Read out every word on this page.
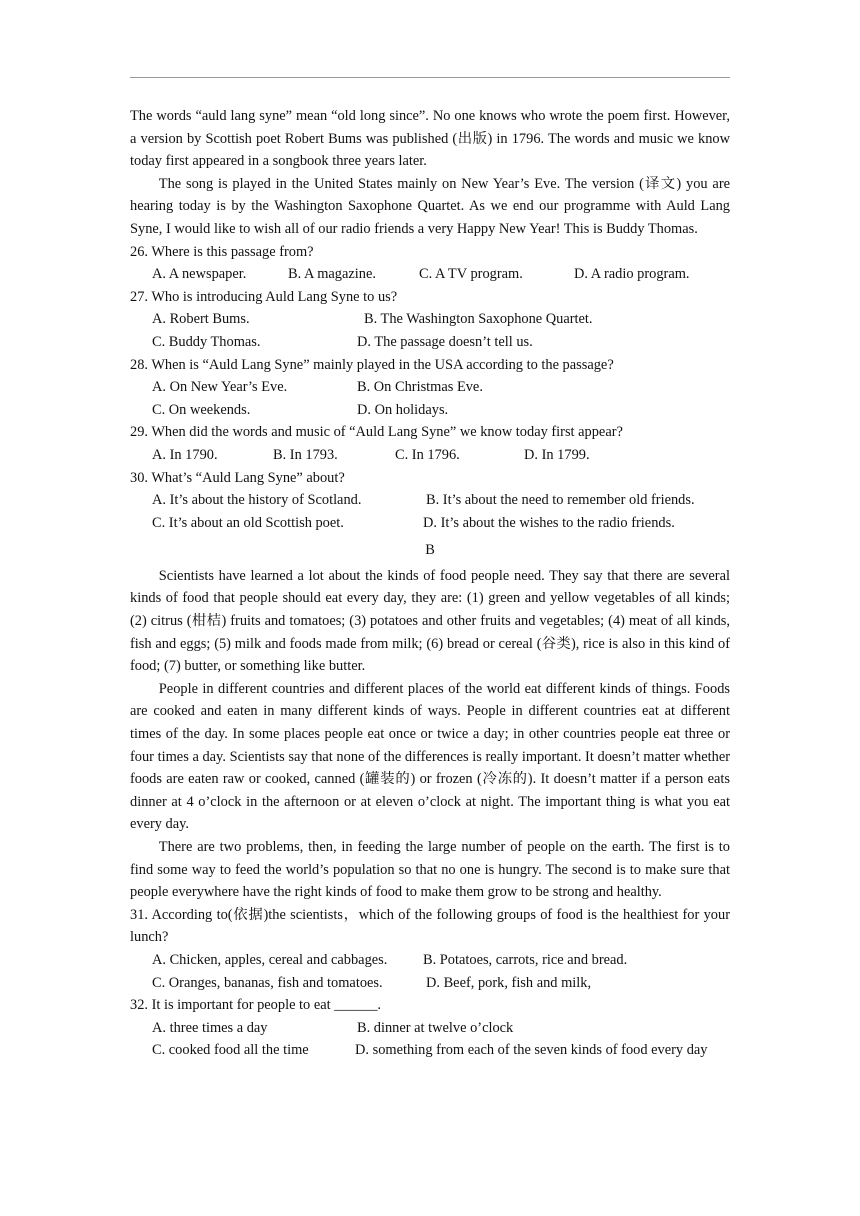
The words “auld lang syne” mean “old long since”. No one knows who wrote the poem first. However, a version by Scottish poet Robert Bums was published (出版) in 1796. The words and music we know today first appeared in a songbook three years later.

The song is played in the United States mainly on New Year’s Eve. The version (译文) you are hearing today is by the Washington Saxophone Quartet. As we end our programme with Auld Lang Syne, I would like to wish all of our radio friends a very Happy New Year! This is Buddy Thomas.

26. Where is this passage from?

A. A newspaper.	B. A magazine.	C. A TV program.	D. A radio program.

27. Who is introducing Auld Lang Syne to us?

A. Robert Bums.	B. The Washington Saxophone Quartet.
C. Buddy Thomas.	D. The passage doesn’t tell us.

28. When is “Auld Lang Syne” mainly played in the USA according to the passage?

A. On New Year’s Eve.	B. On Christmas Eve.
C. On weekends.	D. On holidays.

29. When did the words and music of “Auld Lang Syne” we know today first appear?

A. In 1790.	B. In 1793.	C. In 1796.	D. In 1799.

30. What’s “Auld Lang Syne” about?

A. It’s about the history of Scotland.	B. It’s about the need to remember old friends.
C. It’s about an old Scottish poet.	D. It’s about the wishes to the radio friends.
B

Scientists have learned a lot about the kinds of food people need. They say that there are several kinds of food that people should eat every day, they are: (1) green and yellow vegetables of all kinds; (2) citrus (柑桔) fruits and tomatoes; (3) potatoes and other fruits and vegetables; (4) meat of all kinds, fish and eggs; (5) milk and foods made from milk; (6) bread or cereal (谷类), rice is also in this kind of food; (7) butter, or something like butter.

People in different countries and different places of the world eat different kinds of things. Foods are cooked and eaten in many different kinds of ways. People in different countries eat at different times of the day. In some places people eat once or twice a day; in other countries people eat three or four times a day. Scientists say that none of the differences is really important. It doesn’t matter whether foods are eaten raw or cooked, canned (罐装的) or frozen (冷冻的). It doesn’t matter if a person eats dinner at 4 o’clock in the afternoon or at eleven o’clock at night. The important thing is what you eat every day.

There are two problems, then, in feeding the large number of people on the earth. The first is to find some way to feed the world’s population so that no one is hungry. The second is to make sure that people everywhere have the right kinds of food to make them grow to be strong and healthy.

31. According to(依据)the scientists，which of the following groups of food is the healthiest for your lunch?

A. Chicken, apples, cereal and cabbages.	B. Potatoes, carrots, rice and bread.
C. Oranges, bananas, fish and tomatoes.	D. Beef, pork, fish and milk,

32. It is important for people to eat ______.

A. three times a day	B. dinner at twelve o’clock
C. cooked food all the time	D. something from each of the seven kinds of food every day
